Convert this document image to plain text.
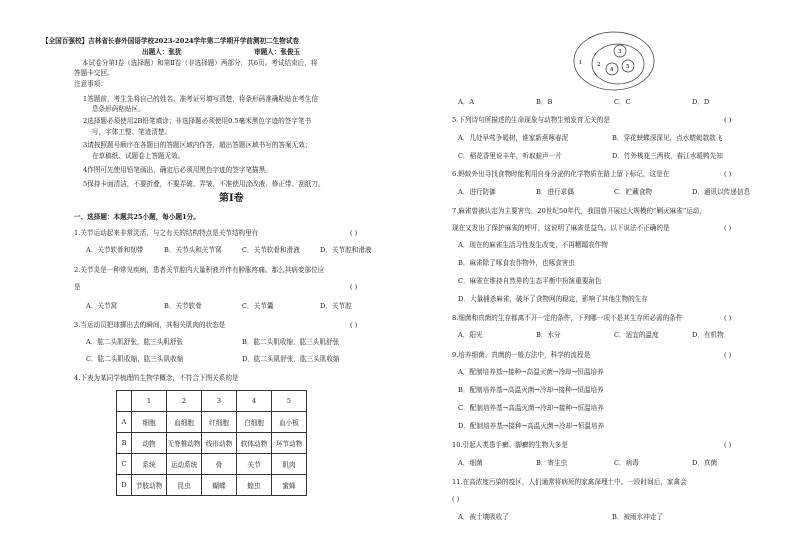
【全国百强校】吉林省长春外国语学校2023-2024学年第二学期开学前测初二生物试卷
出题人：张犹	审题人：张俊玉
本试卷分第Ⅰ卷（选择题）和第Ⅱ卷（非选择题）两部分，共6页。考试结束后，将
答题卡交回。
注意事项：
1答题前，考生先将自己的姓名、准考证号填写清楚，将条形码准确粘贴在考生信
息条形码粘贴区。
2选择题必须使用2B铅笔填涂；非选择题必须使用0.5毫米黑色字迹的签字笔书
写，字体工整、笔迹清楚。
3请按照题号顺序在各题目的答题区域内作答，超出答题区域书写的答案无效；
在草稿纸、试题卷上答题无效。
4作图可先使用铅笔画出，确定后必须用黑色字迹的签字笔描黑。
5保持卡面清洁，不要折叠，不要弄破、弄皱，不准使用涂改液、修正带、刮纸刀。
第Ⅰ卷
一、选择题：本题共25小题，每小题1分。
1.关节运动起来非常灵活，与之有关的结构特点是关节结构里有	( )
A．关节软骨和韧带	B．关节头和关节窝	C．关节软骨和滑液	D．关节腔和滑液
2.关节炎是一种常见疾病，患者关节腔内大量积液并伴有肿胀疼痛。那么其病变部位应
是	( )
A．关节窝	B．关节软骨	C．关节囊	D．关节腔
3.当运动员把球掷出去的瞬间，其相关肌肉的状态是	( )
A．肱二头肌舒张，肱三头肌舒张	B．肱二头肌收缩，肱三头肌舒张
C．肱二头肌收缩，肱三头肌收缩	D．肱二头肌舒张，肱三头肌收缩
4.下表为某同学梳理的生物学概念，不符合下图关系的是
	1	2	3	4	5
A	细胞	血细胞	红细胞	白细胞	血小板
B	动物	无脊椎动物	线形动物	软体动物	环节动物
C	系统	运动系统	骨	关节	肌肉
D	节肢动物	昆虫	蝴蝶	蝗虫	蜜蜂
1	2
3
4 5
A．A	B．B	C．C	D．D
5.下列诗句所描述的生命现象与动物生殖发育无关的是	( )
A．几处早莺争暖树，谁家新燕啄春泥	B．穿花蛱蝶深深见，点水蜻蜓款款飞
C．稻花香里说丰年，听取蛙声一片	D．竹外桃花三两枝，春江水暖鸭先知
6.蚂蚁外出寻找食物时能利用自身分泌的化学物质在路上留下标记，这是在	( )
A．进行防御	B．进行求偶	C．贮藏食物	D．通讯以传递信息
7.麻雀曾被认定为主要害鸟，20世纪50年代，我国曾开展过大规模的“剿灭麻雀”运动，
现在又发出了保护麻雀的呼吁，这说明了麻雀是益鸟。以下说法不正确的是	( )
A．现在的麻雀生活习性发生改变，不再糟蹋农作物
B．麻雀除了啄食农作物外，也啄食害虫
C．麻雀在维持自然界的生态平衡中扮演重要角色
D．大量捕杀麻雀，破坏了食物网的稳定，影响了其他生物的生存
8.细菌和真菌的生存都离不开一定的条件，下列哪一项不是其生存所必需的条件	( )
A．阳光	B．水分	C．适宜的温度	D．有机物
9.培养细菌、真菌的一般方法中，科学的流程是	( )
A．配制培养基→接种→高温灭菌→冷却→恒温培养
B．配制培养基→高温灭菌→冷却→接种→恒温培养
C．配制培养基→高温灭菌→冷却→接种→恒温培养
D．配制培养基→接种→高温灭菌→冷却→恒温培养
10.引起人类患手癣、脚癣的生物大多是	( )
A．细菌	B．寄生虫	C．病毒	D．真菌
11.在高浓度污染的疫区，人们通常将病死的家禽深埋土中。一段时间后，家禽会
( )
A．被土壤吸收了	B．被雨水冲走了
